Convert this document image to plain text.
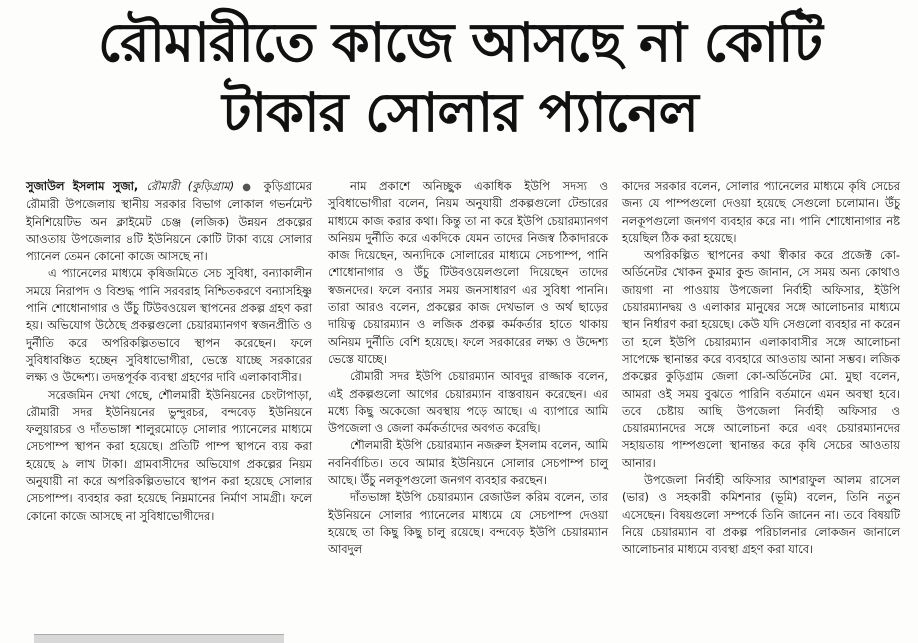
রৌমারীতে কাজে আসছে না কোটি
টাকার সোলার প্যানেল

সুজাউল ইসলাম সুজা, রৌমারী (কুড়িগ্রাম) ● কুড়িগ্রামের রৌমারী উপজেলায় স্থানীয় সরকার বিভাগ লোকাল গভর্নমেন্ট ইনিশিয়েটিভ অন ক্লাইমেট চেঞ্জ (লজিক) উন্নয়ন প্রকল্পের আওতায় উপজেলার ৪টি ইউনিয়নে কোটি টাকা ব্যয়ে সোলার প্যানেল তেমন কোনো কাজে আসছে না।

এ প্যানেলের মাধ্যমে কৃষিজমিতে সেচ সুবিধা, বন্যাকালীন সময়ে নিরাপদ ও বিশুদ্ধ পানি সরবরাহ নিশ্চিতকরণে বন্যাসহিষ্ণু পানি শোধোনাগার ও উঁচু টিউবওয়েল স্থাপনের প্রকল্প গ্রহণ করা হয়। অভিযোগ উঠেছে প্রকল্পগুলো চেয়ারম্যানগণ স্বজনপ্রীতি ও দুর্নীতি করে অপরিকল্পিতভাবে স্থাপন করেছেন। ফলে সুবিধাবঞ্চিত হচ্ছেন সুবিধাভোগীরা, ভেস্তে যাচ্ছে সরকারের লক্ষ্য ও উদ্দেশ্য। তদন্তপূর্বক ব্যবস্থা গ্রহণের দাবি এলাকাবাসীর।

সরেজমিন দেখা গেছে, শৌলমারী ইউনিয়নের চেংটাপাড়া, রৌমারী সদর ইউনিয়নের ভুন্দুরচর, বন্দবেড় ইউনিয়নে ফলুয়ারচর ও দাঁতভাঙ্গা শালুরমোড়ে সোলার প্যানেলের মাধ্যমে সেচপাম্প স্থাপন করা হয়েছে। প্রতিটি পাম্প স্থাপনে ব্যয় করা হয়েছে ৯ লাখ টাকা। গ্রামবাসীদের অভিযোগ প্রকল্পের নিয়ম অনুযায়ী না করে অপরিকল্পিতভাবে স্থাপন করা হয়েছে সোলার সেচপাম্প। ব্যবহার করা হয়েছে নিম্নমানের নির্মাণ সামগ্রী। ফলে কোনো কাজে আসছে না সুবিধাভোগীদের।

নাম প্রকাশে অনিচ্ছুক একাধিক ইউপি সদস্য ও সুবিধাভোগীরা বলেন, নিয়ম অনুযায়ী প্রকল্পগুলো টেন্ডারের মাধ্যমে কাজ করার কথা। কিন্তু তা না করে ইউপি চেয়ারম্যানগণ অনিয়ম দুর্নীতি করে একদিকে যেমন তাদের নিজস্ব ঠিকাদারকে কাজ দিয়েছেন, অন্যদিকে সোলারের মাধ্যমে সেচপাম্প, পানি শোধোনাগার ও উঁচু টিউবওয়েলগুলো দিয়েছেন তাদের স্বজনদের। ফলে বন্যার সময় জনসাধারণ এর সুবিধা পাননি। তারা আরও বলেন, প্রকল্পের কাজ দেখভাল ও অর্থ ছাড়ের দায়িত্ব চেয়ারম্যান ও লজিক প্রকল্প কর্মকর্তার হাতে থাকায় অনিয়ম দুর্নীতি বেশি হয়েছে। ফলে সরকারের লক্ষ্য ও উদ্দেশ্য ভেস্তে যাচ্ছে।

রৌমারী সদর ইউপি চেয়ারম্যান আবদুর রাজ্জাক বলেন, এই প্রকল্পগুলো আগের চেয়ারম্যান বাস্তবায়ন করেছেন। এর মধ্যে কিছু অকেজো অবস্থায় পড়ে আছে। এ ব্যাপারে আমি উপজেলা ও জেলা কর্মকর্তাদের অবগত করেছি।

শৌলমারী ইউপি চেয়ারম্যান নজরুল ইসলাম বলেন, আমি নবনির্বাচিত। তবে আমার ইউনিয়নে সোলার সেচপাম্প চালু আছে। উঁচু নলকূপগুলো জনগণ ব্যবহার করছেন।

দাঁতভাঙ্গা ইউপি চেয়ারম্যান রেজাউল করিম বলেন, তার ইউনিয়নে সোলার প্যানেলের মাধ্যমে যে সেচপাম্প দেওয়া হয়েছে তা কিছু কিছু চালু রয়েছে। বন্দবেড় ইউপি চেয়ারম্যান আবদুল

কাদের সরকার বলেন, সোলার প্যানেলের মাধ্যমে কৃষি সেচের জন্য যে পাম্পগুলো দেওয়া হয়েছে সেগুলো চলোমান। উঁচু নলকূপগুলো জনগণ ব্যবহার করে না। পানি শোধোনাগার নষ্ট হয়েছিল ঠিক করা হয়েছে।

অপরিকল্পিত স্থাপনের কথা স্বীকার করে প্রজেক্ট কো-অর্ডিনেটর খোকন কুমার কুন্ড জানান, সে সময় অন্য কোথাও জায়গা না পাওয়ায় উপজেলা নির্বাহী অফিসার, ইউপি চেয়ারম্যানদ্বয় ও এলাকার মানুষের সঙ্গে আলোচনার মাধ্যমে স্থান নির্ধারণ করা হয়েছে। কেউ যদি সেগুলো ব্যবহার না করেন তা হলে ইউপি চেয়ারম্যান এলাকাবাসীর সঙ্গে আলোচনা সাপেক্ষে স্থানান্তর করে ব্যবহারে আওতায় আনা সম্ভব। লজিক প্রকল্পের কুড়িগ্রাম জেলা কো-অর্ডিনেটর মো. মুছা বলেন, আমরা ওই সময় বুঝতে পারিনি বর্তমানে এমন অবস্থা হবে। তবে চেষ্টায় আছি উপজেলা নির্বাহী অফিসার ও চেয়ারম্যানদের সঙ্গে আলোচনা করে এবং চেয়ারম্যানদের সহায়তায় পাম্পগুলো স্থানান্তর করে কৃষি সেচের আওতায় আনার।

উপজেলা নির্বাহী অফিসার আশরাফুল আলম রাসেল (ভার) ও সহকারী কমিশনার (ভূমি) বলেন, তিনি নতুন এসেছেন। বিষয়গুলো সম্পর্কে তিনি জানেন না। তবে বিষয়টি নিয়ে চেয়ারম্যান বা প্রকল্প পরিচালনার লোকজন জানালে আলোচনার মাধ্যমে ব্যবস্থা গ্রহণ করা যাবে।
